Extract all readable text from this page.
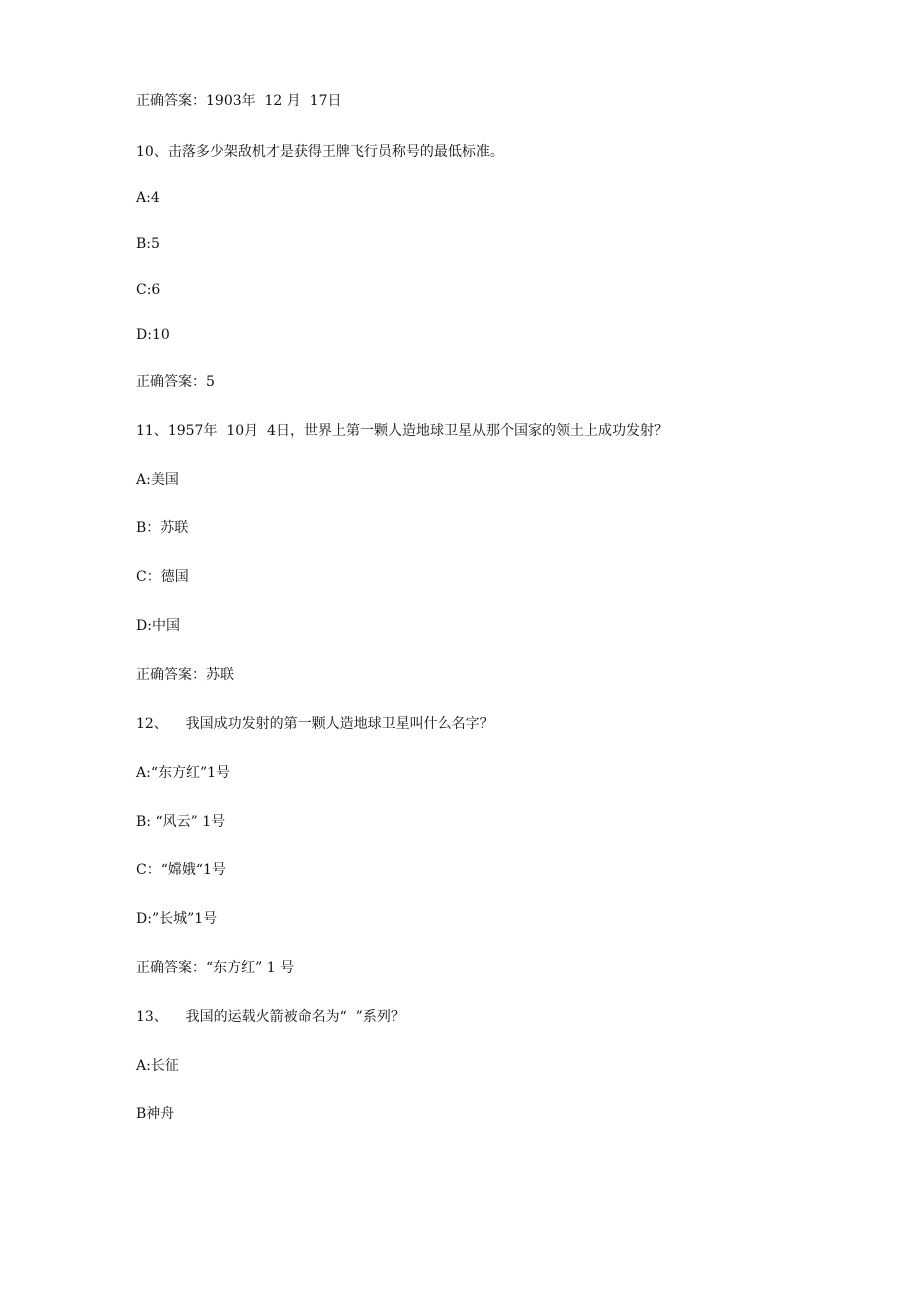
正确答案：1903年  12 月  17日

10、击落多少架敌机才是获得王牌飞行员称号的最低标准。

A:4

B:5

C:6

D:10

正确答案：5

11、1957年  10月  4日，世界上第一颗人造地球卫星从那个国家的领土上成功发射？

A:美国

B：苏联

C：德国

D:中国

正确答案：苏联

12、    我国成功发射的第一颗人造地球卫星叫什么名字？

A:“东方红”1号

B: “风云” 1号

C：“嫦娥“1号

D:”长城”1号

正确答案：“东方红” 1 号

13、    我国的运载火箭被命名为“  ”系列？

A:长征

B神舟
